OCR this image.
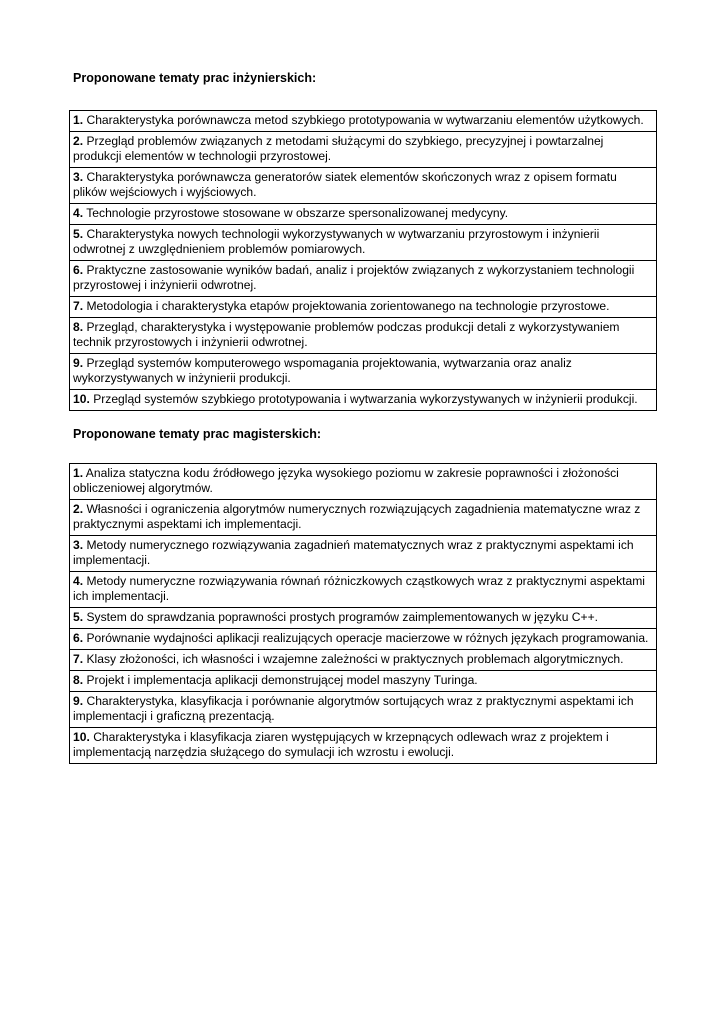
Proponowane tematy prac inżynierskich:
1. Charakterystyka porównawcza metod szybkiego prototypowania w wytwarzaniu elementów użytkowych.
2. Przegląd problemów związanych z metodami służącymi do szybkiego, precyzyjnej i powtarzalnej produkcji elementów w technologii przyrostowej.
3. Charakterystyka porównawcza generatorów siatek elementów skończonych wraz z opisem formatu plików wejściowych i wyjściowych.
4. Technologie przyrostowe stosowane w obszarze spersonalizowanej medycyny.
5. Charakterystyka nowych technologii wykorzystywanych w wytwarzaniu przyrostowym i inżynierii odwrotnej z uwzględnieniem problemów pomiarowych.
6. Praktyczne zastosowanie wyników badań, analiz i projektów związanych z wykorzystaniem technologii przyrostowej i inżynierii odwrotnej.
7. Metodologia i charakterystyka etapów projektowania zorientowanego na technologie przyrostowe.
8. Przegląd, charakterystyka i występowanie problemów podczas produkcji detali z wykorzystywaniem technik przyrostowych i inżynierii odwrotnej.
9. Przegląd systemów komputerowego wspomagania projektowania, wytwarzania oraz analiz wykorzystywanych w inżynierii produkcji.
10. Przegląd systemów szybkiego prototypowania i wytwarzania wykorzystywanych w inżynierii produkcji.
Proponowane tematy prac magisterskich:
1. Analiza statyczna kodu źródłowego języka wysokiego poziomu w zakresie poprawności i złożoności obliczeniowej algorytmów.
2. Własności i ograniczenia algorytmów numerycznych rozwiązujących zagadnienia matematyczne wraz z praktycznymi aspektami ich implementacji.
3. Metody numerycznego rozwiązywania zagadnień matematycznych wraz z praktycznymi aspektami ich implementacji.
4. Metody numeryczne rozwiązywania równań różniczkowych cząstkowych wraz z praktycznymi aspektami ich implementacji.
5. System do sprawdzania poprawności prostych programów zaimplementowanych w języku C++.
6. Porównanie wydajności aplikacji realizujących operacje macierzowe w różnych językach programowania.
7. Klasy złożoności, ich własności i wzajemne zależności w praktycznych problemach algorytmicznych.
8. Projekt i implementacja aplikacji demonstrującej model maszyny Turinga.
9. Charakterystyka, klasyfikacja i porównanie algorytmów sortujących wraz z praktycznymi aspektami ich implementacji i graficzną prezentacją.
10. Charakterystyka i klasyfikacja ziaren występujących w krzepnących odlewach wraz z projektem i implementacją narzędzia służącego do symulacji ich wzrostu i ewolucji.
